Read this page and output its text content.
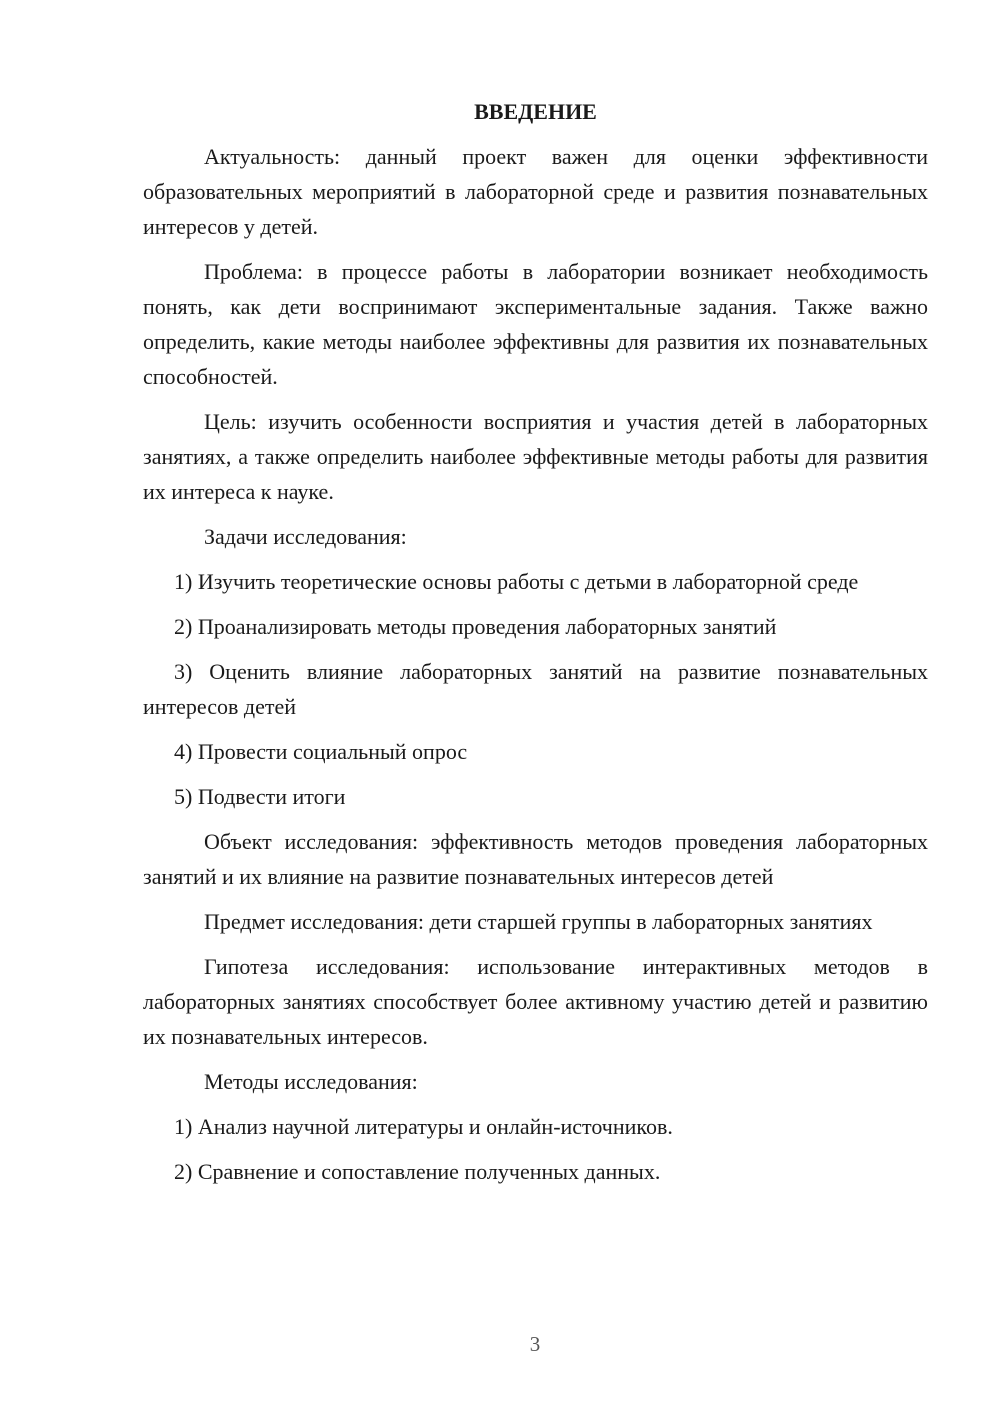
ВВЕДЕНИЕ

Актуальность: данный проект важен для оценки эффективности образовательных мероприятий в лабораторной среде и развития познавательных интересов у детей.

Проблема: в процессе работы в лаборатории возникает необходимость понять, как дети воспринимают экспериментальные задания. Также важно определить, какие методы наиболее эффективны для развития их познавательных способностей.

Цель: изучить особенности восприятия и участия детей в лабораторных занятиях, а также определить наиболее эффективные методы работы для развития их интереса к науке.

Задачи исследования:

1) Изучить теоретические основы работы с детьми в лабораторной среде

2) Проанализировать методы проведения лабораторных занятий

3) Оценить влияние лабораторных занятий на развитие познавательных интересов детей

4) Провести социальный опрос

5) Подвести итоги

Объект исследования: эффективность методов проведения лабораторных занятий и их влияние на развитие познавательных интересов детей

Предмет исследования: дети старшей группы в лабораторных занятиях

Гипотеза исследования: использование интерактивных методов в лабораторных занятиях способствует более активному участию детей и развитию их познавательных интересов.

Методы исследования:

1) Анализ научной литературы и онлайн-источников.

2) Сравнение и сопоставление полученных данных.

3
